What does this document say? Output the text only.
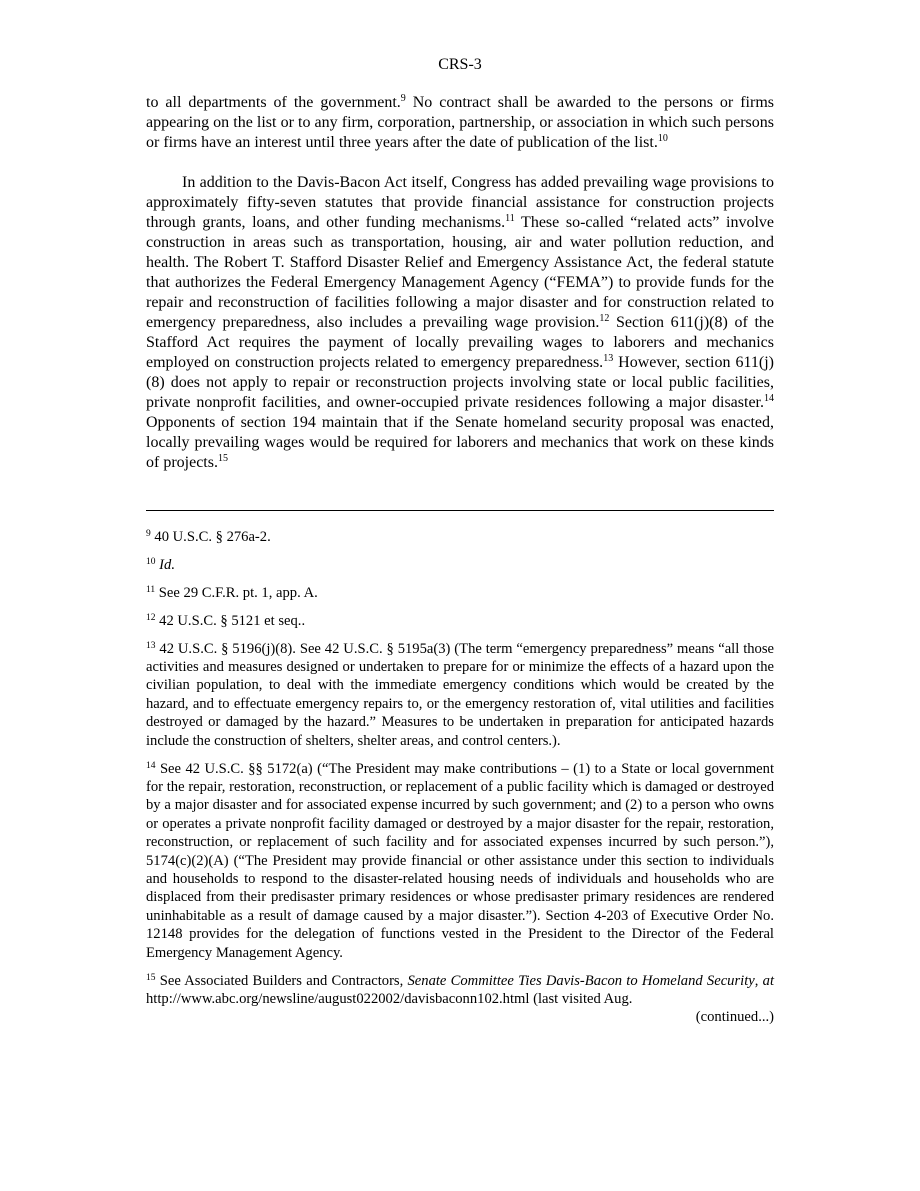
CRS-3

to all departments of the government.$^9$ No contract shall be awarded to the persons or firms appearing on the list or to any firm, corporation, partnership, or association in which such persons or firms have an interest until three years after the date of publication of the list.$^{10}$

In addition to the Davis-Bacon Act itself, Congress has added prevailing wage provisions to approximately fifty-seven statutes that provide financial assistance for construction projects through grants, loans, and other funding mechanisms.$^{11}$ These so-called “related acts” involve construction in areas such as transportation, housing, air and water pollution reduction, and health. The Robert T. Stafford Disaster Relief and Emergency Assistance Act, the federal statute that authorizes the Federal Emergency Management Agency (“FEMA”) to provide funds for the repair and reconstruction of facilities following a major disaster and for construction related to emergency preparedness, also includes a prevailing wage provision.$^{12}$ Section 611(j)(8) of the Stafford Act requires the payment of locally prevailing wages to laborers and mechanics employed on construction projects related to emergency preparedness.$^{13}$ However, section 611(j)(8) does not apply to repair or reconstruction projects involving state or local public facilities, private nonprofit facilities, and owner-occupied private residences following a major disaster.$^{14}$ Opponents of section 194 maintain that if the Senate homeland security proposal was enacted, locally prevailing wages would be required for laborers and mechanics that work on these kinds of projects.$^{15}$

$^9$ 40 U.S.C. § 276a-2.

$^{10}$ Id.

$^{11}$ See 29 C.F.R. pt. 1, app. A.

$^{12}$ 42 U.S.C. § 5121 et seq..

$^{13}$ 42 U.S.C. § 5196(j)(8). See 42 U.S.C. § 5195a(3) (The term “emergency preparedness” means “all those activities and measures designed or undertaken to prepare for or minimize the effects of a hazard upon the civilian population, to deal with the immediate emergency conditions which would be created by the hazard, and to effectuate emergency repairs to, or the emergency restoration of, vital utilities and facilities destroyed or damaged by the hazard.” Measures to be undertaken in preparation for anticipated hazards include the construction of shelters, shelter areas, and control centers.).

$^{14}$ See 42 U.S.C. §§ 5172(a) (“The President may make contributions – (1) to a State or local government for the repair, restoration, reconstruction, or replacement of a public facility which is damaged or destroyed by a major disaster and for associated expense incurred by such government; and (2) to a person who owns or operates a private nonprofit facility damaged or destroyed by a major disaster for the repair, restoration, reconstruction, or replacement of such facility and for associated expenses incurred by such person.”), 5174(c)(2)(A) (“The President may provide financial or other assistance under this section to individuals and households to respond to the disaster-related housing needs of individuals and households who are displaced from their predisaster primary residences or whose predisaster primary residences are rendered uninhabitable as a result of damage caused by a major disaster.”). Section 4-203 of Executive Order No. 12148 provides for the delegation of functions vested in the President to the Director of the Federal Emergency Management Agency.

$^{15}$ See Associated Builders and Contractors, Senate Committee Ties Davis-Bacon to Homeland Security, at http://www.abc.org/newsline/august022002/davisbaconn102.html (last visited Aug.

(continued...)
